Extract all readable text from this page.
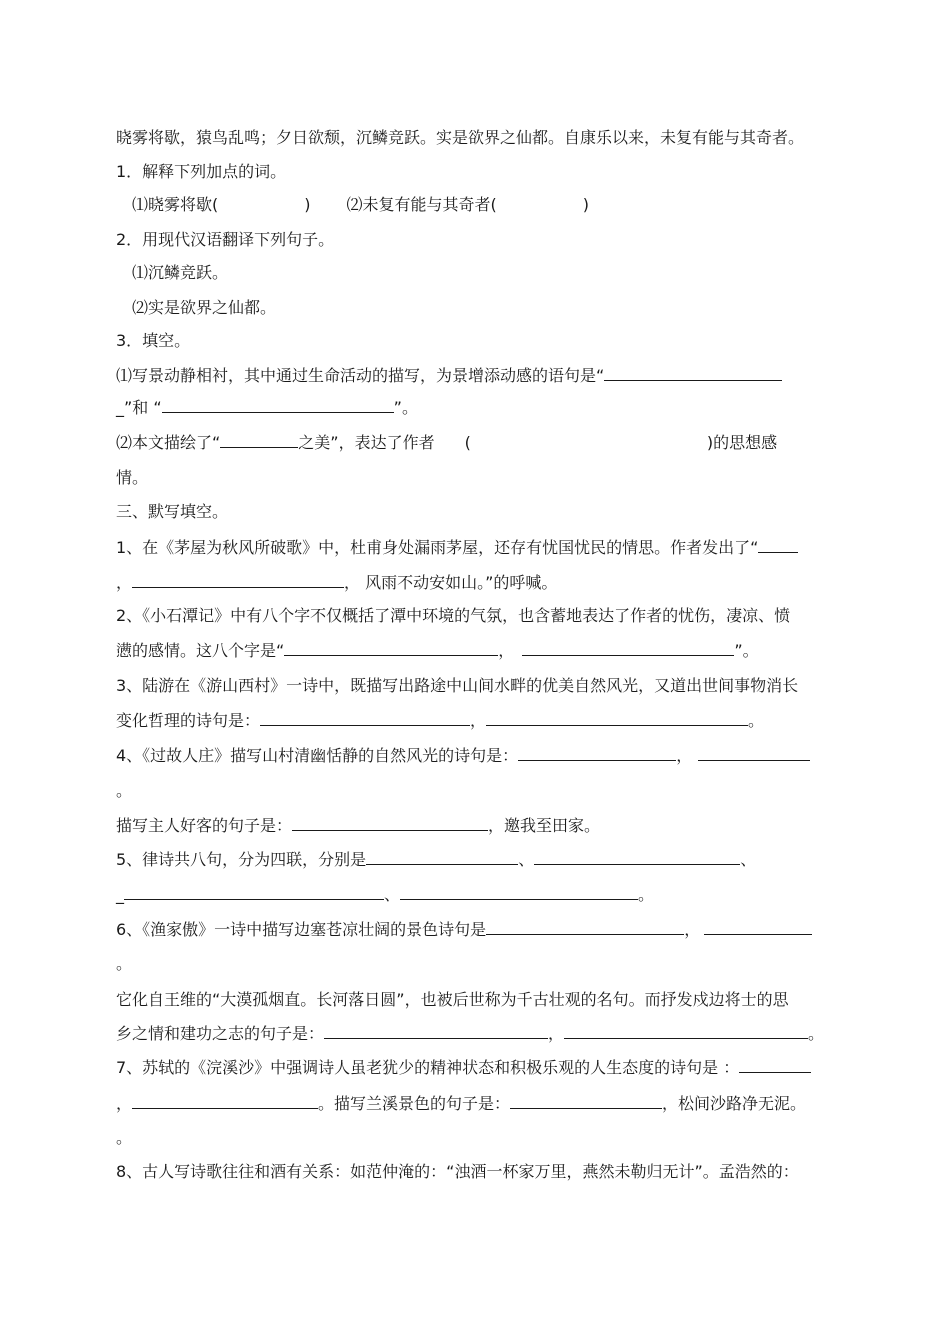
晓雾将歇，猿鸟乱鸣；夕日欲颓，沉鳞竞跃。实是欲界之仙都。自康乐以来，未复有能与其奇者。
1．解释下列加点的词。
⑴晓雾将歇(	) ⑵未复有能与其奇者(	)
2．用现代汉语翻译下列句子。
⑴沉鳞竞跃。
⑵实是欲界之仙都。
3．填空。
⑴写景动静相衬，其中通过生命活动的描写，为景增添动感的语句是“
_”和 “	”。
⑵本文描绘了“	之美”，表达了作者 (	)的思想感
情。
三、默写填空。
1、在《茅屋为秋风所破歌》中，杜甫身处漏雨茅屋，还存有忧国忧民的情思。作者发出了“
，	， 风雨不动安如山。”的呼喊。
2、《小石潭记》中有八个字不仅概括了潭中环境的气氛，也含蓄地表达了作者的忧伤，凄凉、愤
懑的感情。这八个字是“	，	”。
3、陆游在《游山西村》一诗中，既描写出路途中山间水畔的优美自然风光，又道出世间事物消长
变化哲理的诗句是：	，	。
4、《过故人庄》描写山村清幽恬静的自然风光的诗句是：	，
。
描写主人好客的句子是：	，邀我至田家。
5、律诗共八句，分为四联，分别是	、	、
_	、	。
6、《渔家傲》一诗中描写边塞苍凉壮阔的景色诗句是	，
。
它化自王维的“大漠孤烟直。长河落日圆”，也被后世称为千古壮观的名句。而抒发戍边将士的思
乡之情和建功之志的句子是：	，	。
7、苏轼的《浣溪沙》中强调诗人虽老犹少的精神状态和积极乐观的人生态度的诗句是 ：
，	。描写兰溪景色的句子是：	，松间沙路净无泥。
。
8、古人写诗歌往往和酒有关系：如范仲淹的：“浊酒一杯家万里，燕然未勒归无计”。孟浩然的：
